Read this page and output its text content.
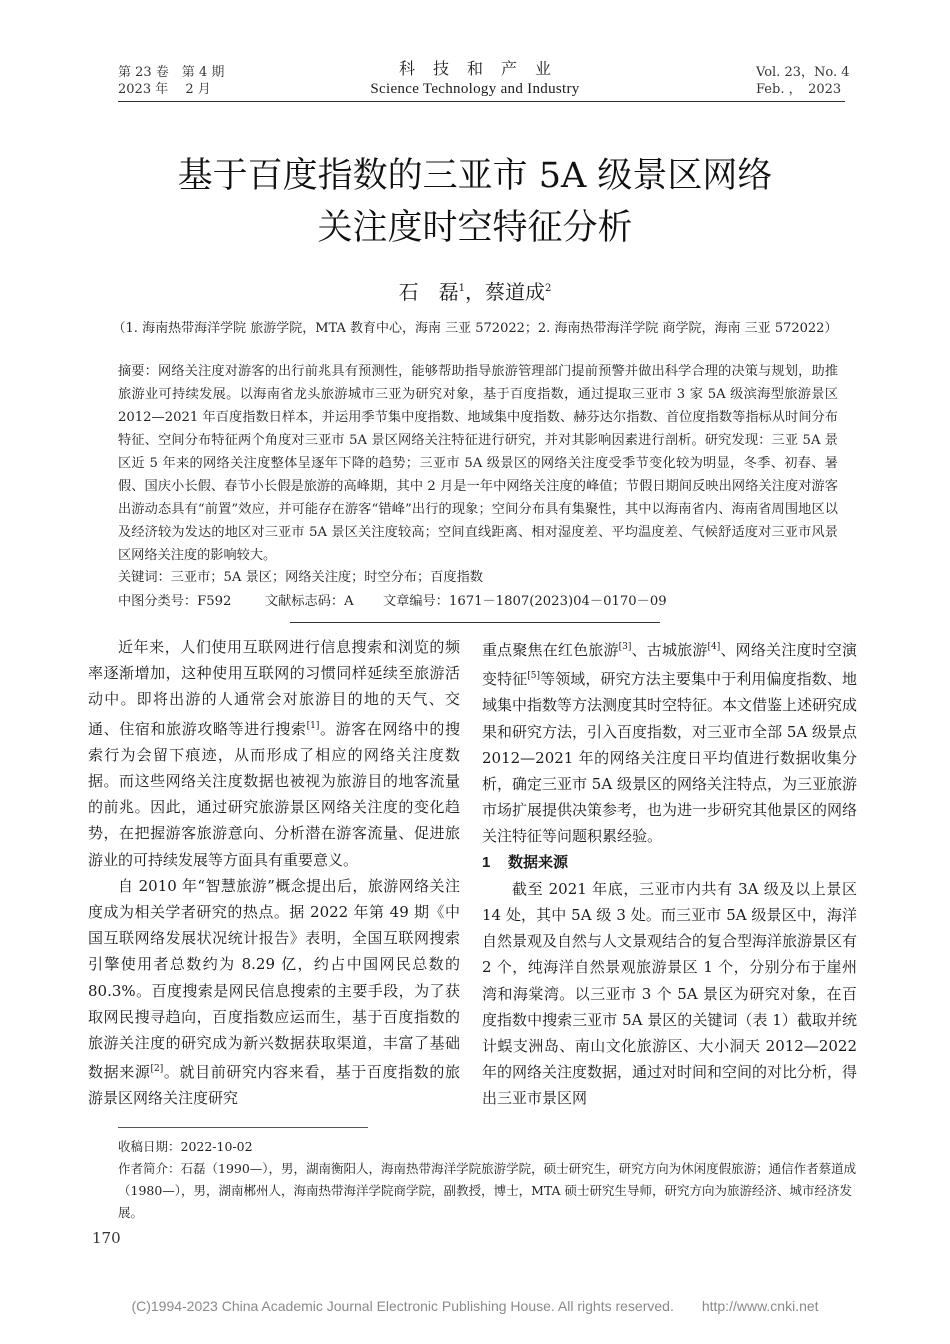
第 23 卷　第 4 期
2023 年　 2 月
科技和产业
Science Technology and Industry
Vol. 23，No. 4
Feb. ，　2023
基于百度指数的三亚市 5A 级景区网络
关注度时空特征分析
石　磊$^1$，蔡道成$^2$
（1. 海南热带海洋学院 旅游学院，MTA 教育中心，海南 三亚 572022；2. 海南热带海洋学院 商学院，海南 三亚 572022）

摘要：网络关注度对游客的出行前兆具有预测性，能够帮助指导旅游管理部门提前预警并做出科学合理的决策与规划，助推旅游业可持续发展。以海南省龙头旅游城市三亚为研究对象，基于百度指数，通过提取三亚市 3 家 5A 级滨海型旅游景区 2012—2021 年百度指数日样本，并运用季节集中度指数、地域集中度指数、赫芬达尔指数、首位度指数等指标从时间分布特征、空间分布特征两个角度对三亚市 5A 景区网络关注特征进行研究，并对其影响因素进行剖析。研究发现：三亚 5A 景区近 5 年来的网络关注度整体呈逐年下降的趋势；三亚市 5A 级景区的网络关注度受季节变化较为明显，冬季、初春、暑假、国庆小长假、春节小长假是旅游的高峰期，其中 2 月是一年中网络关注度的峰值；节假日期间反映出网络关注度对游客出游动态具有“前置”效应，并可能存在游客“错峰”出行的现象；空间分布具有集聚性，其中以海南省内、海南省周围地区以及经济较为发达的地区对三亚市 5A 景区关注度较高；空间直线距离、相对湿度差、平均温度差、气候舒适度对三亚市风景区网络关注度的影响较大。

关键词：三亚市；5A 景区；网络关注度；时空分布；百度指数
中图分类号：F592	文献标志码：A 文章编号：1671－1807(2023)04－0170－09

近年来，人们使用互联网进行信息搜索和浏览的频率逐渐增加，这种使用互联网的习惯同样延续至旅游活动中。即将出游的人通常会对旅游目的地的天气、交通、住宿和旅游攻略等进行搜索[1]。游客在网络中的搜索行为会留下痕迹，从而形成了相应的网络关注度数据。而这些网络关注度数据也被视为旅游目的地客流量的前兆。因此，通过研究旅游景区网络关注度的变化趋势，在把握游客旅游意向、分析潜在游客流量、促进旅游业的可持续发展等方面具有重要意义。

自 2010 年“智慧旅游”概念提出后，旅游网络关注度成为相关学者研究的热点。据 2022 年第 49 期《中国互联网络发展状况统计报告》表明，全国互联网搜索引擎使用者总数约为 8.29 亿，约占中国网民总数的 80.3%。百度搜索是网民信息搜索的主要手段，为了获取网民搜寻趋向，百度指数应运而生，基于百度指数的旅游关注度的研究成为新兴数据获取渠道，丰富了基础数据来源[2]。就目前研究内容来看，基于百度指数的旅游景区网络关注度研究

重点聚焦在红色旅游[3]、古城旅游[4]、网络关注度时空演变特征[5]等领域，研究方法主要集中于利用偏度指数、地域集中指数等方法测度其时空特征。本文借鉴上述研究成果和研究方法，引入百度指数，对三亚市全部 5A 级景点 2012—2021 年的网络关注度日平均值进行数据收集分析，确定三亚市 5A 级景区的网络关注特点，为三亚旅游市场扩展提供决策参考，也为进一步研究其他景区的网络关注特征等问题积累经验。

1 数据来源

截至 2021 年底，三亚市内共有 3A 级及以上景区 14 处，其中 5A 级 3 处。而三亚市 5A 级景区中，海洋自然景观及自然与人文景观结合的复合型海洋旅游景区有 2 个，纯海洋自然景观旅游景区 1 个，分别分布于崖州湾和海棠湾。以三亚市 3 个 5A 景区为研究对象，在百度指数中搜索三亚市 5A 景区的关键词（表 1）截取并统计蜈支洲岛、南山文化旅游区、大小洞天 2012—2022 年的网络关注度数据，通过对时间和空间的对比分析，得出三亚市景区网

收稿日期：2022-10-02

作者简介：石磊（1990—），男，湖南衡阳人，海南热带海洋学院旅游学院，硕士研究生，研究方向为休闲度假旅游；通信作者蔡道成（1980—），男，湖南郴州人，海南热带海洋学院商学院，副教授，博士，MTA 硕士研究生导师，研究方向为旅游经济、城市经济发展。

170
(C)1994-2023 China Academic Journal Electronic Publishing House. All rights reserved.　　http://www.cnki.net
